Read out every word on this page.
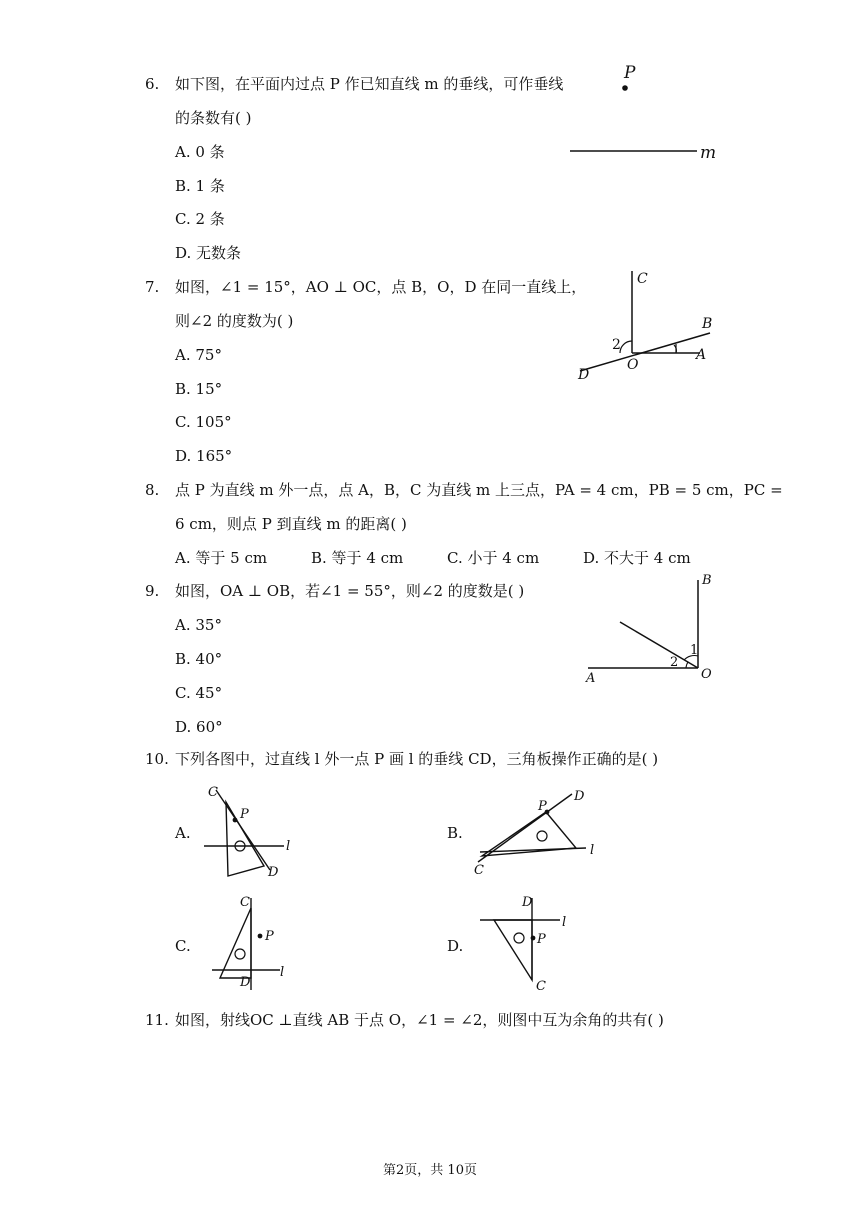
6. 如下图，在平面内过点 P 作已知直线 m 的垂线，可作垂线
的条数有( )
A. 0 条
B. 1 条
C. 2 条
D. 无数条
P
m
7. 如图，∠1 = 15°，AO ⊥ OC，点 B，O，D 在同一直线上，
则∠2 的度数为( )
A. 75°
B. 15°
C. 105°
D. 165°
C
B
A
O
D
2
8. 点 P 为直线 m 外一点，点 A，B，C 为直线 m 上三点，PA = 4 cm，PB = 5 cm，PC =
6 cm，则点 P 到直线 m 的距离( )
A. 等于 5 cm	B. 等于 4 cm	C. 小于 4 cm	D. 不大于 4 cm
9. 如图，OA ⊥ OB，若∠1 = 55°，则∠2 的度数是( )
A. 35°
B. 40°
C. 45°
D. 60°
B
1
2
A	O
10. 下列各图中，过直线 l 外一点 P 画 l 的垂线 CD，三角板操作正确的是( )
A.
C
P
l
D
B.
P
D
l
C
C.
C
P
D
l
D.
D
l
P
C
11. 如图，射线OC ⊥直线 AB 于点 O，∠1 = ∠2，则图中互为余角的共有( )
第2页，共 10页
